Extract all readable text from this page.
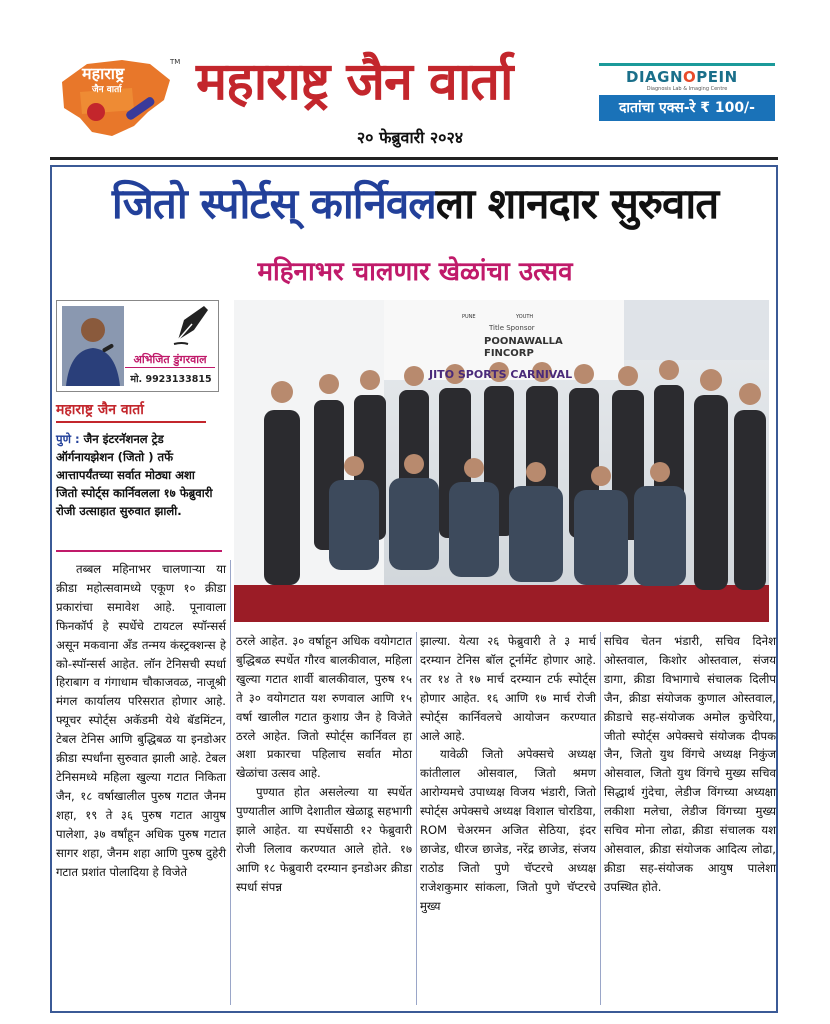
महाराष्ट्र
जैन वार्ता
TM महाराष्ट्र जैन वार्ता
२० फेब्रुवारी २०२४
DIAGNOPEIN
Diagnosis Lab & Imaging Centre
दातांचा एक्स-रे ₹ 100/-
जितो स्पोर्टस् कार्निवलला शानदार सुरुवात
महिनाभर चालणार खेळांचा उत्सव
अभिजित डुंगरवाल
मो. 9923133815
महाराष्ट्र जैन वार्ता
पुणे : जैन इंटरनॅशनल ट्रेड ऑर्गनायझेशन (जितो ) तर्फे आत्तापर्यंतच्या सर्वात मोठ्या अशा जितो स्पोर्ट्स कार्निवलला १७ फेब्रुवारी रोजी उत्साहात सुरुवात झाली.
Title Sponsor
POONAWALLA
FINCORP
JITO SPORTS CARNIVAL
PUNE	YOUTH

तब्बल महिनाभर चालणाऱ्या या क्रीडा महोत्सवामध्ये एकूण १० क्रीडा प्रकारांचा समावेश आहे. पूनावाला फिनकॉर्प हे स्पर्धेचे टायटल स्पॉन्सर्स असून मकवाना अँड तन्मय कंस्ट्रक्शन्स हे को-स्पॉन्सर्स आहेत. लॉन टेनिसची स्पर्धा हिराबाग व गंगाधाम चौकाजवळ, नाजूश्री मंगल कार्यालय परिसरात होणार आहे. फ्यूचर स्पोर्ट्स अकॅडमी येथे बॅडमिंटन, टेबल टेनिस आणि बुद्धिबळ या इनडोअर क्रीडा स्पर्धांना सुरुवात झाली आहे. टेबल टेनिसमध्ये महिला खुल्या गटात निकिता जैन, १८ वर्षाखालील पुरुष गटात जैनम शहा, १९ ते ३६ पुरुष गटात आयुष पालेशा, ३७ वर्षांहून अधिक पुरुष गटात सागर शहा, जैनम शहा आणि पुरुष दुहेरी गटात प्रशांत पोलादिया हे विजेते

ठरले आहेत. ३० वर्षाहून अधिक वयोगटात बुद्धिबळ स्पर्धेत गौरव बालकीवाल, महिला खुल्या गटात शार्वी बालकीवाल, पुरुष १५ ते ३० वयोगटात यश रुणवाल आणि १५ वर्षा खालील गटात कुशाग्र जैन हे विजेते ठरले आहेत. जितो स्पोर्ट्स कार्निवल हा अशा प्रकारचा पहिलाच सर्वात मोठा खेळांचा उत्सव आहे.

पुण्यात होत असलेल्या या स्पर्धेत पुण्यातील आणि देशातील खेळाडू सहभागी झाले आहेत. या स्पर्धेसाठी १२ फेब्रुवारी रोजी लिलाव करण्यात आले होते. १७ आणि १८ फेब्रुवारी दरम्यान इनडोअर क्रीडा स्पर्धा संपन्न

झाल्या. येत्या २६ फेब्रुवारी ते ३ मार्च दरम्यान टेनिस बॉल टूर्नामेंट होणार आहे. तर १४ ते १७ मार्च दरम्यान टर्फ स्पोर्ट्स होणार आहेत. १६ आणि १७ मार्च रोजी स्पोर्ट्स कार्निवलचे आयोजन करण्यात आले आहे.

यावेळी जितो अपेक्सचे अध्यक्ष कांतीलाल ओसवाल, जितो श्रमण आरोग्यमचे उपाध्यक्ष विजय भंडारी, जितो स्पोर्ट्स अपेक्सचे अध्यक्ष विशाल चोरडिया, ROM चेअरमन अजित सेठिया, इंदर छाजेड, धीरज छाजेड, नरेंद्र छाजेड, संजय राठोड जितो पुणे चॅप्टरचे अध्यक्ष राजेशकुमार सांकला, जितो पुणे चॅप्टरचे मुख्य

सचिव चेतन भंडारी, सचिव दिनेश ओस्तवाल, किशोर ओस्तवाल, संजय डागा, क्रीडा विभागाचे संचालक दिलीप जैन, क्रीडा संयोजक कुणाल ओस्तवाल, क्रीडाचे सह-संयोजक अमोल कुचेरिया, जीतो स्पोर्ट्स अपेक्सचे संयोजक दीपक जैन, जितो युथ विंगचे अध्यक्ष निकुंज ओसवाल, जितो युथ विंगचे मुख्य सचिव सिद्धार्थ गुंदेचा, लेडीज विंगच्या अध्यक्षा लकीशा मलेचा, लेडीज विंगच्या मुख्य सचिव मोना लोढा, क्रीडा संचालक यश ओसवाल, क्रीडा संयोजक आदित्य लोढा, क्रीडा सह-संयोजक आयुष पालेशा उपस्थित होते.
